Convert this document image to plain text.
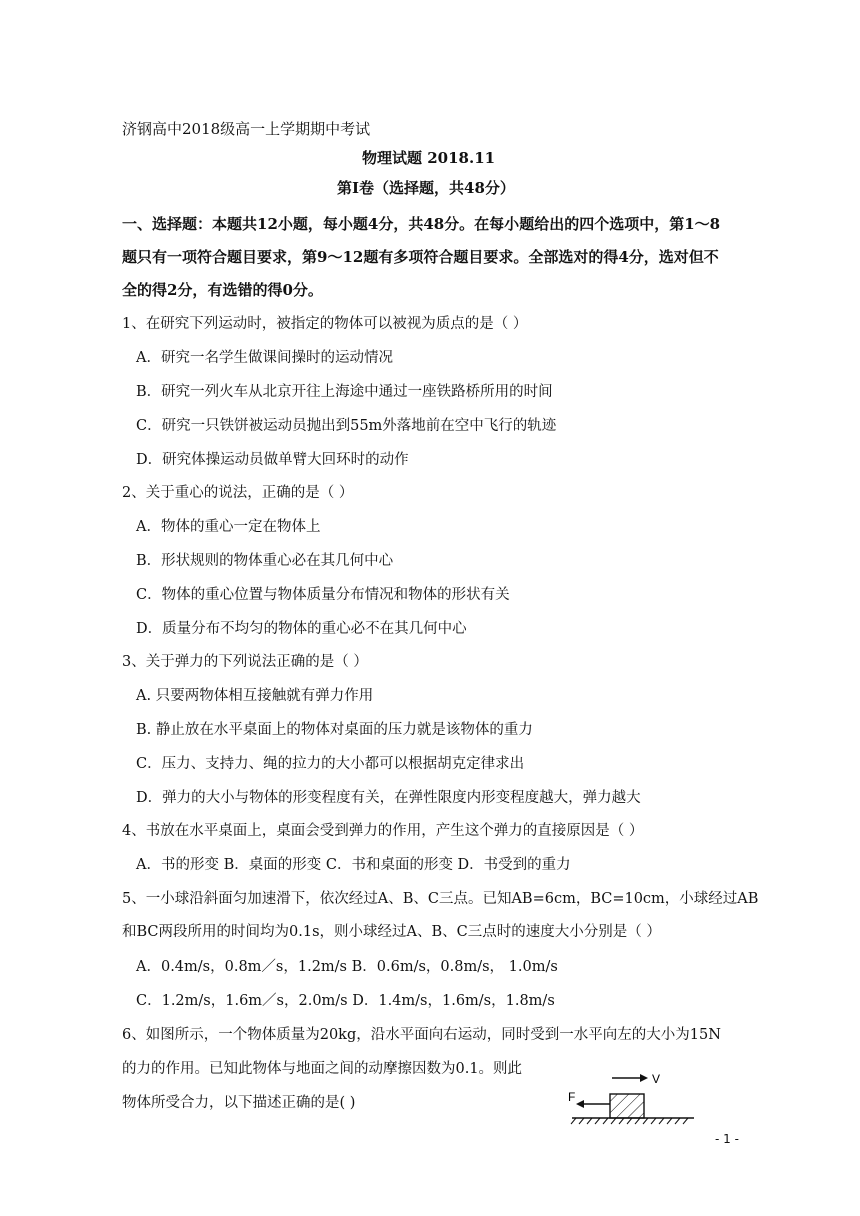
济钢高中2018级高一上学期期中考试
物理试题 2018.11
第Ⅰ卷（选择题，共48分）
一、选择题：本题共12小题，每小题4分，共48分。在每小题给出的四个选项中，第1～8
题只有一项符合题目要求，第9～12题有多项符合题目要求。全部选对的得4分，选对但不
全的得2分，有选错的得0分。
1、在研究下列运动时，被指定的物体可以被视为质点的是（ ）
A．研究一名学生做课间操时的运动情况
B．研究一列火车从北京开往上海途中通过一座铁路桥所用的时间
C．研究一只铁饼被运动员抛出到55m外落地前在空中飞行的轨迹
D．研究体操运动员做单臂大回环时的动作
2、关于重心的说法，正确的是（ ）
A．物体的重心一定在物体上
B．形状规则的物体重心必在其几何中心
C．物体的重心位置与物体质量分布情况和物体的形状有关
D．质量分布不均匀的物体的重心必不在其几何中心
3、关于弹力的下列说法正确的是（ ）
A. 只要两物体相互接触就有弹力作用
B. 静止放在水平桌面上的物体对桌面的压力就是该物体的重力
C．压力、支持力、绳的拉力的大小都可以根据胡克定律求出
D．弹力的大小与物体的形变程度有关，在弹性限度内形变程度越大，弹力越大
4、书放在水平桌面上，桌面会受到弹力的作用，产生这个弹力的直接原因是（ ）
A．书的形变 B．桌面的形变 C．书和桌面的形变 D．书受到的重力
5、一小球沿斜面匀加速滑下，依次经过A、B、C三点。已知AB=6cm，BC=10cm，小球经过AB
和BC两段所用的时间均为0.1s，则小球经过A、B、C三点时的速度大小分别是（ ）
A．0.4m/s，0.8m／s，1.2m/s B．0.6m/s，0.8m/s， 1.0m/s
C．1.2m/s，1.6m／s，2.0m/s D．1.4m/s，1.6m/s，1.8m/s
6、如图所示，一个物体质量为20kg，沿水平面向右运动，同时受到一水平向左的大小为15N
的力的作用。已知此物体与地面之间的动摩擦因数为0.1。则此
物体所受合力，以下描述正确的是( )
V
F
- 1 -
